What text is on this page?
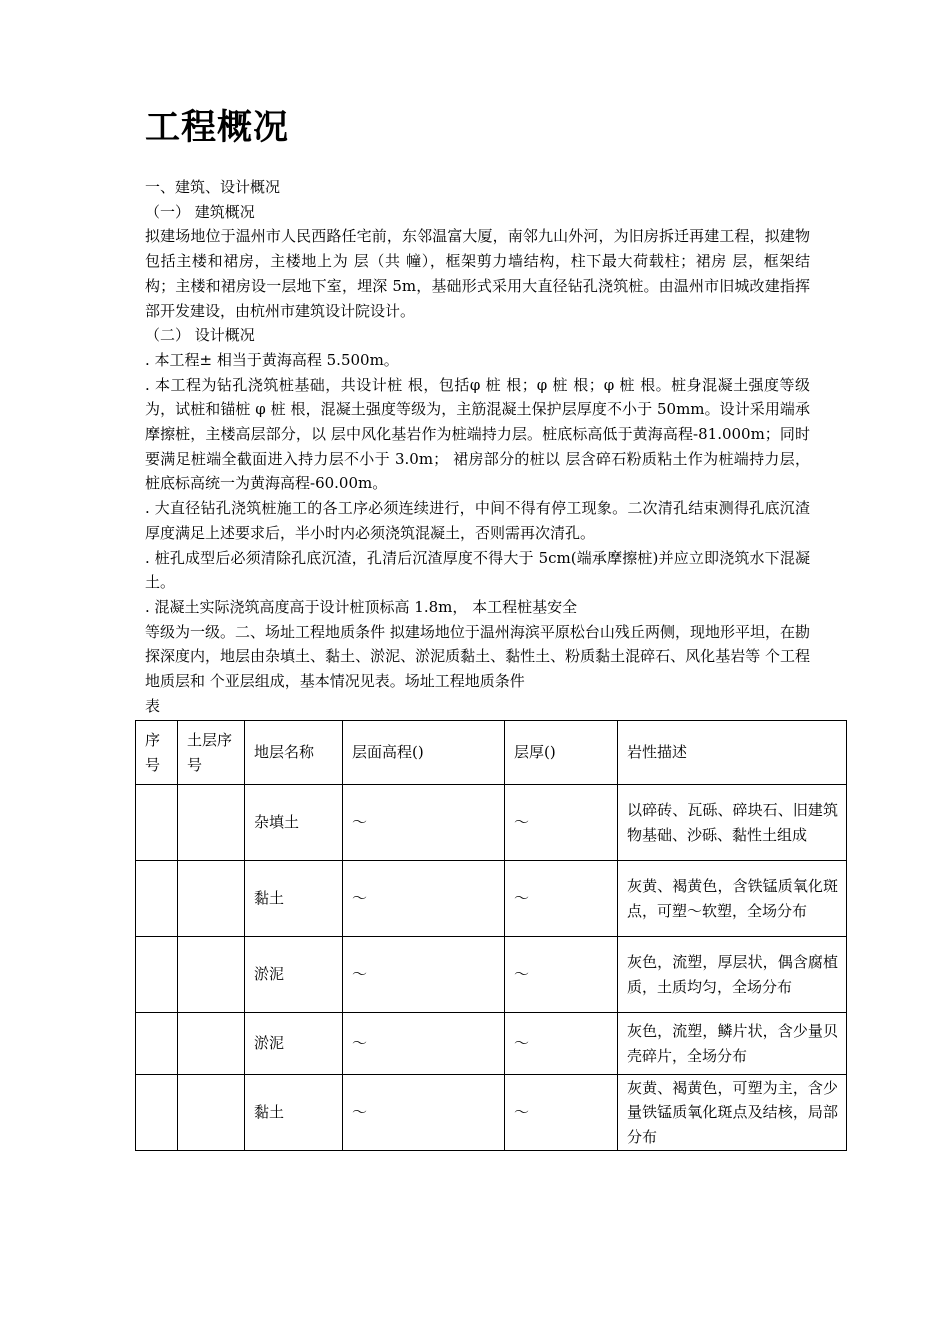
工程概况

一、建筑、设计概况

（一） 建筑概况

拟建场地位于温州市人民西路任宅前，东邻温富大厦，南邻九山外河，为旧房拆迁再建工程，拟建物包括主楼和裙房，主楼地上为 层（共 幢），框架剪力墙结构，柱下最大荷载柱；裙房 层，框架结构；主楼和裙房设一层地下室，埋深 5m，基础形式采用大直径钻孔浇筑桩。由温州市旧城改建指挥部开发建设，由杭州市建筑设计院设计。

（二） 设计概况

. 本工程± 相当于黄海高程 5.500m。

. 本工程为钻孔浇筑桩基础，共设计桩 根，包括φ 桩 根；φ 桩 根；φ 桩 根。桩身混凝土强度等级为，试桩和锚桩 φ 桩 根，混凝土强度等级为，主筋混凝土保护层厚度不小于 50mm。设计采用端承摩擦桩，主楼高层部分，以 层中风化基岩作为桩端持力层。桩底标高低于黄海高程-81.000m；同时要满足桩端全截面进入持力层不小于 3.0m； 裙房部分的桩以 层含碎石粉质粘土作为桩端持力层，桩底标高统一为黄海高程-60.00m。

. 大直径钻孔浇筑桩施工的各工序必须连续进行，中间不得有停工现象。二次清孔结束测得孔底沉渣厚度满足上述要求后，半小时内必须浇筑混凝土，否则需再次清孔。

. 桩孔成型后必须清除孔底沉渣，孔清后沉渣厚度不得大于 5cm(端承摩擦桩)并应立即浇筑水下混凝土。

. 混凝土实际浇筑高度高于设计桩顶标高 1.8m， 本工程桩基安全

等级为一级。二、场址工程地质条件 拟建场地位于温州海滨平原松台山残丘两侧，现地形平坦，在勘探深度内，地层由杂填土、黏土、淤泥、淤泥质黏土、黏性土、粉质黏土混碎石、风化基岩等 个工程地质层和 个亚层组成，基本情况见表。场址工程地质条件

表

序号	土层序号	地层名称	层面高程()	层厚()	岩性描述
		杂填土	～	～	以碎砖、瓦砾、碎块石、旧建筑物基础、沙砾、黏性土组成
		黏土	～	～	灰黄、褐黄色，含铁锰质氧化斑点，可塑～软塑，全场分布
		淤泥	～	～	灰色，流塑，厚层状，偶含腐植质，土质均匀，全场分布
		淤泥	～	～	灰色，流塑，鳞片状，含少量贝壳碎片，全场分布
		黏土	～	～	灰黄、褐黄色，可塑为主，含少量铁锰质氧化斑点及结核，局部分布
